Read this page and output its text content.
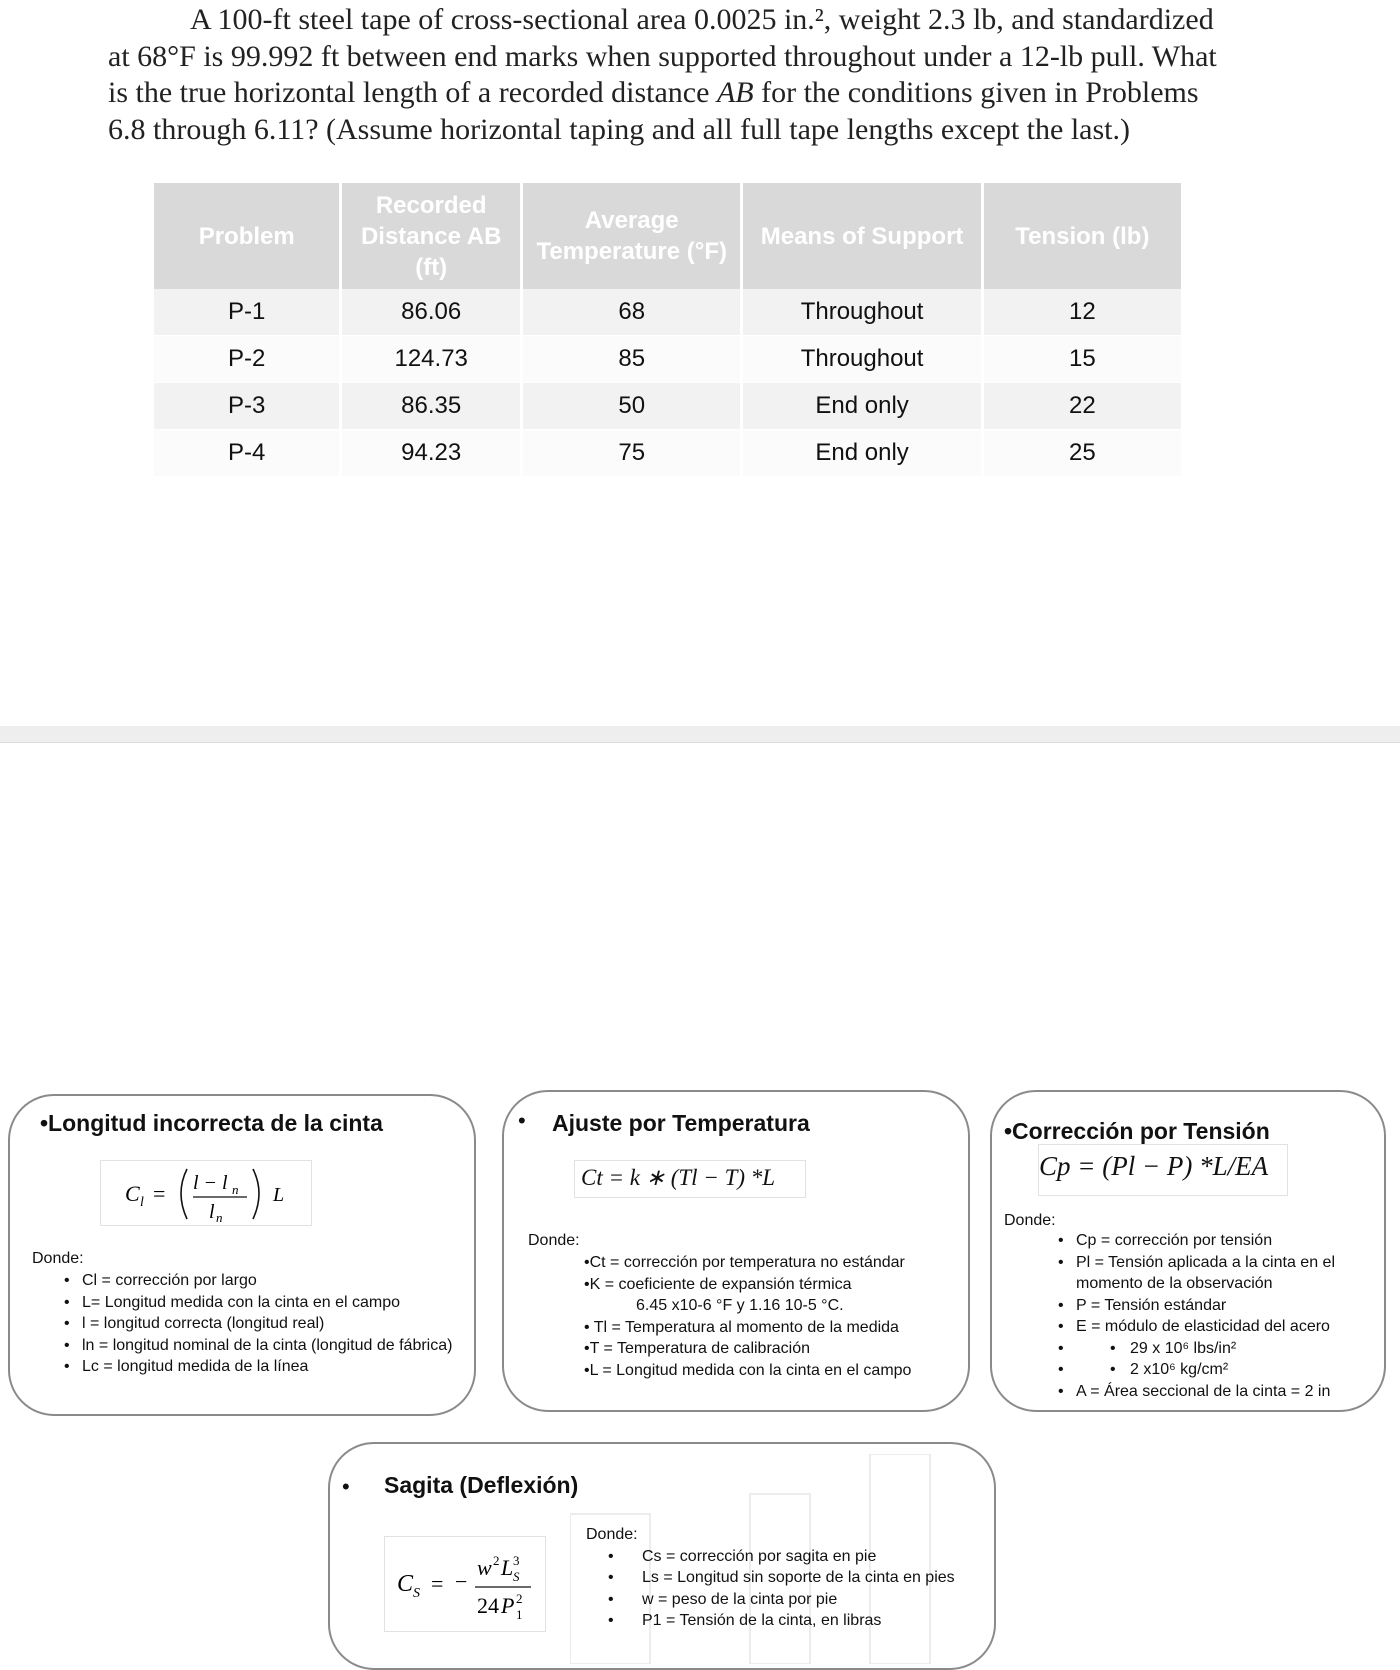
A 100-ft steel tape of cross-sectional area 0.0025 in.², weight 2.3 lb, and standardized
at 68°F is 99.992 ft between end marks when supported throughout under a 12-lb pull. What
is the true horizontal length of a recorded distance AB for the conditions given in Problems
6.8 through 6.11? (Assume horizontal taping and all full tape lengths except the last.)
Problem	Recorded Distance AB (ft)	Average Temperature (°F)	Means of Support	Tension (lb)
P-1	86.06	68	Throughout	12
P-2	124.73	85	Throughout	15
P-3	86.35	50	End only	22
P-4	94.23	75	End only	25
•Longitud incorrecta de la cinta
C l = l − l n
l n
L
Donde:
• Cl = corrección por largo
• L= Longitud medida con la cinta en el campo
• l = longitud correcta (longitud real)
• ln = longitud nominal de la cinta (longitud de fábrica)
• Lc = longitud medida de la línea
• Ajuste por Temperatura
Ct = k ∗ (Tl − T) *L
Donde:
•Ct = corrección por temperatura no estándar
•K = coeficiente de expansión térmica
6.45 x10-6 °F y 1.16 10-5 °C.
• Tl = Temperatura al momento de la medida
•T = Temperatura de calibración
•L = Longitud medida con la cinta en el campo
•Corrección por Tensión
Cp = (Pl − P) *L/EA
Donde:
• Cp = corrección por tensión
• Pl = Tensión aplicada a la cinta en el momento de la observación
• P = Tensión estándar
• E = módulo de elasticidad del acero
• • 29 x 10⁶ lbs/in²
• • 2 x10⁶ kg/cm²
• A = Área seccional de la cinta = 2 in
• Sagita (Deflexión)
C S = −
w 2 L 3
S
24 P 2
1
Donde:
• Cs = corrección por sagita en pie
• Ls = Longitud sin soporte de la cinta en pies
• w = peso de la cinta por pie
• P1 = Tensión de la cinta, en libras
